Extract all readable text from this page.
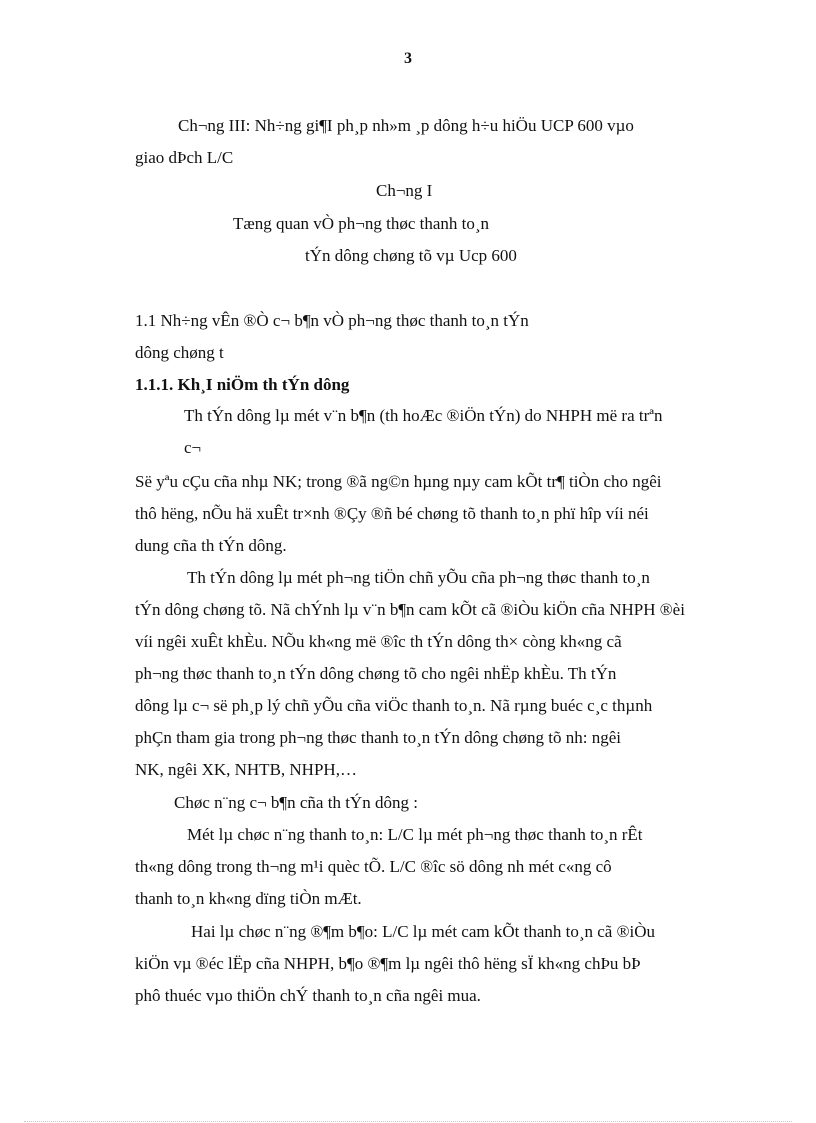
3
Ch¬ng III: Nh÷ng gi¶I ph¸p nh»m ¸p dông h÷u hiÖu UCP 600 vµo
giao dÞch L/C
Ch¬ng I
Tæng quan vÒ ph¬ng thøc thanh to¸n
tÝn dông chøng tõ vµ Ucp 600
1.1 Nh÷ng vÊn ®Ò c¬ b¶n vÒ ph¬ng thøc thanh to¸n tÝn
dông chøng t
1.1.1. Kh¸I niÖm th tÝn dông
Th tÝn dông lµ mét v¨n b¶n (th hoÆc ®iÖn tÝn) do NHPH më ra trªn
c¬
Së yªu cÇu cña nhµ NK; trong ®ã ng©n hµng nµy cam kÕt tr¶ tiÒn cho ngêi
thô hëng, nÕu hä xuÊt tr×nh ®Çy ®ñ bé chøng tõ thanh to¸n phï hîp víi néi
dung cña th tÝn dông.
Th tÝn dông lµ mét ph¬ng tiÖn chñ yÕu cña ph¬ng thøc thanh to¸n
tÝn dông chøng tõ. Nã chÝnh lµ v¨n b¶n cam kÕt cã ®iÒu kiÖn cña NHPH ®èi
víi ngêi xuÊt khÈu. NÕu kh«ng më ®îc th tÝn dông th× còng kh«ng cã
ph¬ng thøc thanh to¸n tÝn dông chøng tõ cho ngêi nhËp khÈu. Th tÝn
dông lµ c¬ së ph¸p lý chñ yÕu cña viÖc thanh to¸n. Nã rµng buéc c¸c thµnh
phÇn tham gia trong ph¬ng thøc thanh to¸n tÝn dông chøng tõ nh: ngêi
NK, ngêi XK, NHTB, NHPH,…
Chøc n¨ng c¬ b¶n cña th tÝn dông :
Mét lµ chøc n¨ng thanh to¸n: L/C lµ mét ph¬ng thøc thanh to¸n rÊt
th«ng dông trong th¬ng m¹i quèc tÕ. L/C ®îc sö dông nh mét c«ng cô
thanh to¸n kh«ng dïng tiÒn mÆt.
Hai lµ chøc n¨ng ®¶m b¶o: L/C lµ mét cam kÕt thanh to¸n cã ®iÒu
kiÖn vµ ®éc lËp cña NHPH, b¶o ®¶m lµ ngêi thô hëng sÏ kh«ng chÞu bÞ
phô thuéc vµo thiÖn chÝ thanh to¸n cña ngêi mua.
